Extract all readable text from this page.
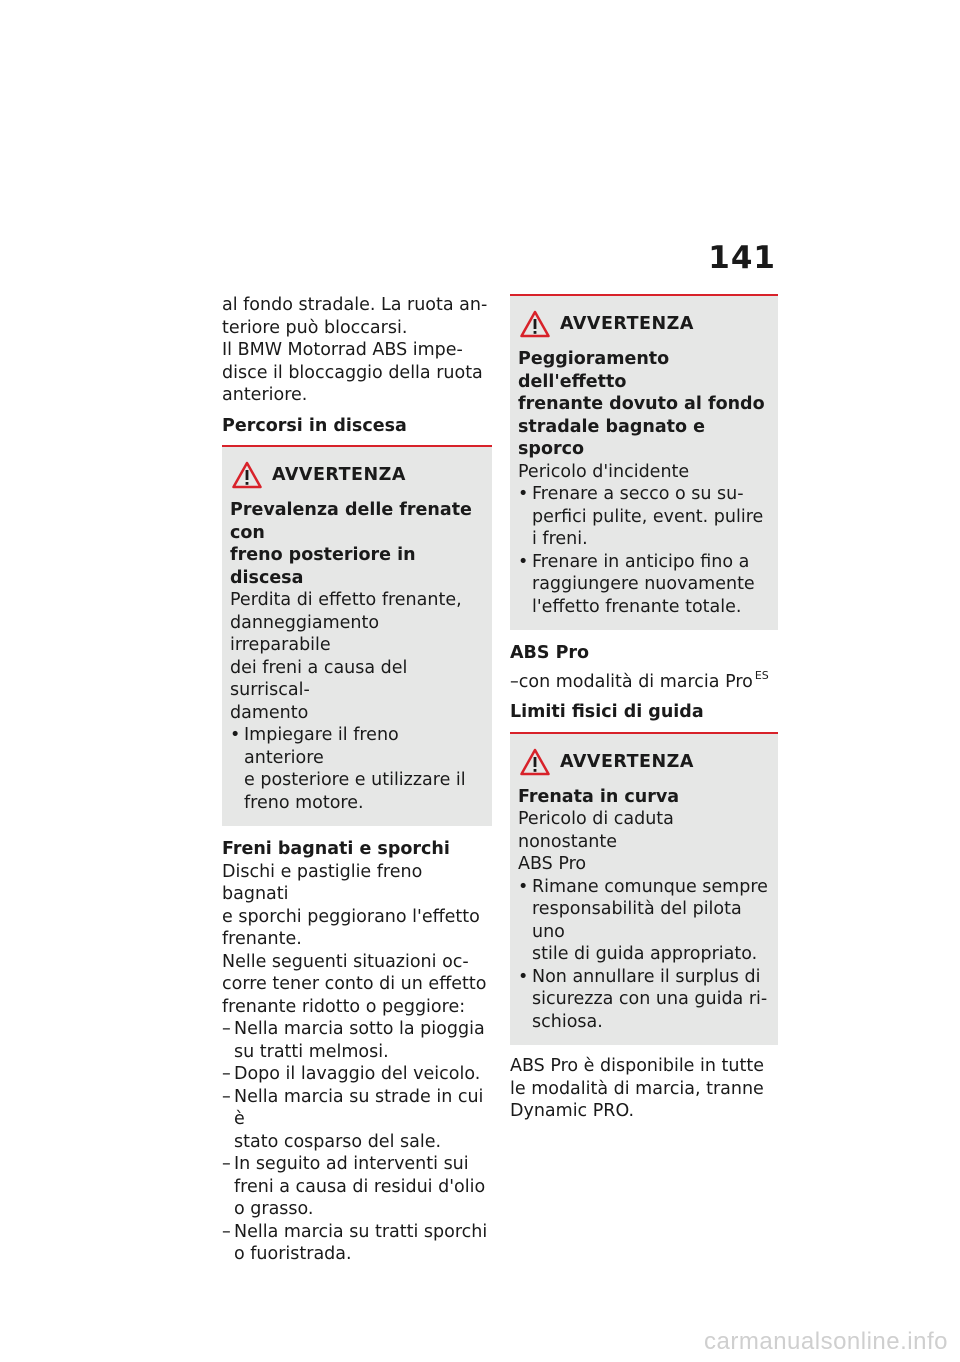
141

al fondo stradale. La ruota an-

teriore può bloccarsi.

Il BMW Motorrad ABS impe-

disce il bloccaggio della ruota

anteriore.

Percorsi in discesa

AVVERTENZA

Prevalenza delle frenate con

freno posteriore in discesa

Perdita di effetto frenante,

danneggiamento irreparabile

dei freni a causa del surriscal-

damento

• Impiegare il freno anteriore
e posteriore e utilizzare il
freno motore.

Freni bagnati e sporchi

Dischi e pastiglie freno bagnati

e sporchi peggiorano l'effetto

frenante.

Nelle seguenti situazioni oc-

corre tener conto di un effetto

frenante ridotto o peggiore:

– Nella marcia sotto la pioggia
su tratti melmosi.
– Dopo il lavaggio del veicolo.
– Nella marcia su strade in cui è
stato cosparso del sale.
– In seguito ad interventi sui
freni a causa di residui d'olio
o grasso.
– Nella marcia su tratti sporchi
o fuoristrada.
AVVERTENZA

Peggioramento dell'effetto

frenante dovuto al fondo

stradale bagnato e sporco

Pericolo d'incidente

• Frenare a secco o su su-
perfici pulite, event. pulire
i freni.
• Frenare in anticipo fino a
raggiungere nuovamente
l'effetto frenante totale.

ABS Pro

–con modalità di marcia Pro $^{ES}$

Limiti fisici di guida

AVVERTENZA

Frenata in curva

Pericolo di caduta nonostante

ABS Pro

• Rimane comunque sempre
responsabilità del pilota uno
stile di guida appropriato.
• Non annullare il surplus di
sicurezza con una guida ri-
schiosa.

ABS Pro è disponibile in tutte

le modalità di marcia, tranne

Dynamic PRO.

carmanualsonline.info
